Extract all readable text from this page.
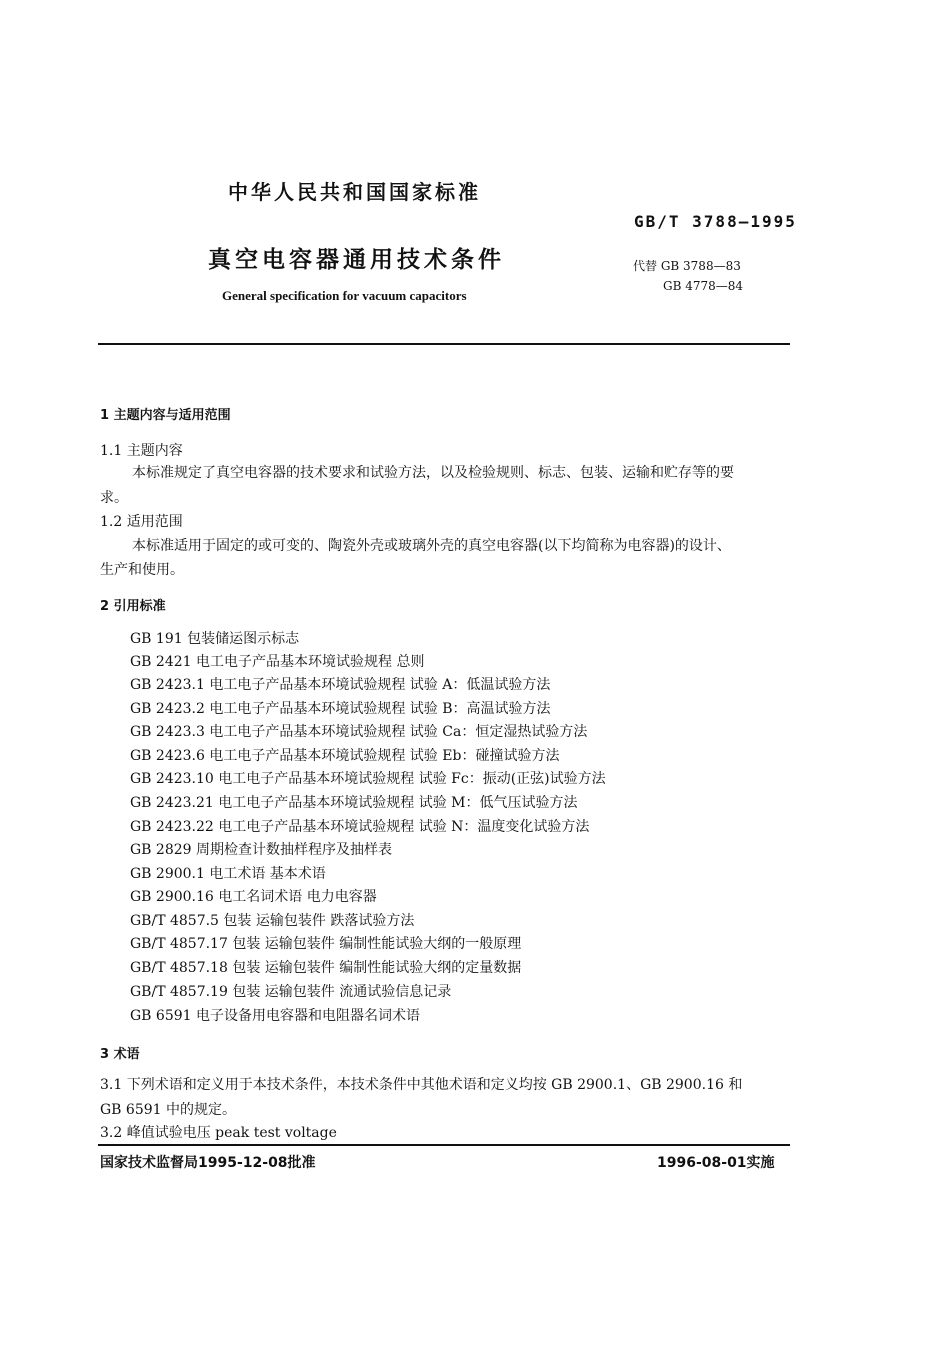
中华人民共和国国家标准
GB/T 3788—1995
真空电容器通用技术条件	代替 GB 3788—83
GB 4778—84
General specification for vacuum capacitors
1 主题内容与适用范围
1.1 主题内容
本标准规定了真空电容器的技术要求和试验方法，以及检验规则、标志、包装、运输和贮存等的要
求。
1.2 适用范围
本标准适用于固定的或可变的、陶瓷外壳或玻璃外壳的真空电容器(以下均简称为电容器)的设计、
生产和使用。
2 引用标准
GB 191 包装储运图示标志
GB 2421 电工电子产品基本环境试验规程 总则
GB 2423.1 电工电子产品基本环境试验规程 试验 A：低温试验方法
GB 2423.2 电工电子产品基本环境试验规程 试验 B：高温试验方法
GB 2423.3 电工电子产品基本环境试验规程 试验 Ca：恒定湿热试验方法
GB 2423.6 电工电子产品基本环境试验规程 试验 Eb：碰撞试验方法
GB 2423.10 电工电子产品基本环境试验规程 试验 Fc：振动(正弦)试验方法
GB 2423.21 电工电子产品基本环境试验规程 试验 M：低气压试验方法
GB 2423.22 电工电子产品基本环境试验规程 试验 N：温度变化试验方法
GB 2829 周期检查计数抽样程序及抽样表
GB 2900.1 电工术语 基本术语
GB 2900.16 电工名词术语 电力电容器
GB/T 4857.5 包装 运输包装件 跌落试验方法
GB/T 4857.17 包装 运输包装件 编制性能试验大纲的一般原理
GB/T 4857.18 包装 运输包装件 编制性能试验大纲的定量数据
GB/T 4857.19 包装 运输包装件 流通试验信息记录
GB 6591 电子设备用电容器和电阻器名词术语
3 术语
3.1 下列术语和定义用于本技术条件，本技术条件中其他术语和定义均按 GB 2900.1、GB 2900.16 和
GB 6591 中的规定。
3.2 峰值试验电压 peak test voltage
国家技术监督局1995-12-08批准	1996-08-01实施
